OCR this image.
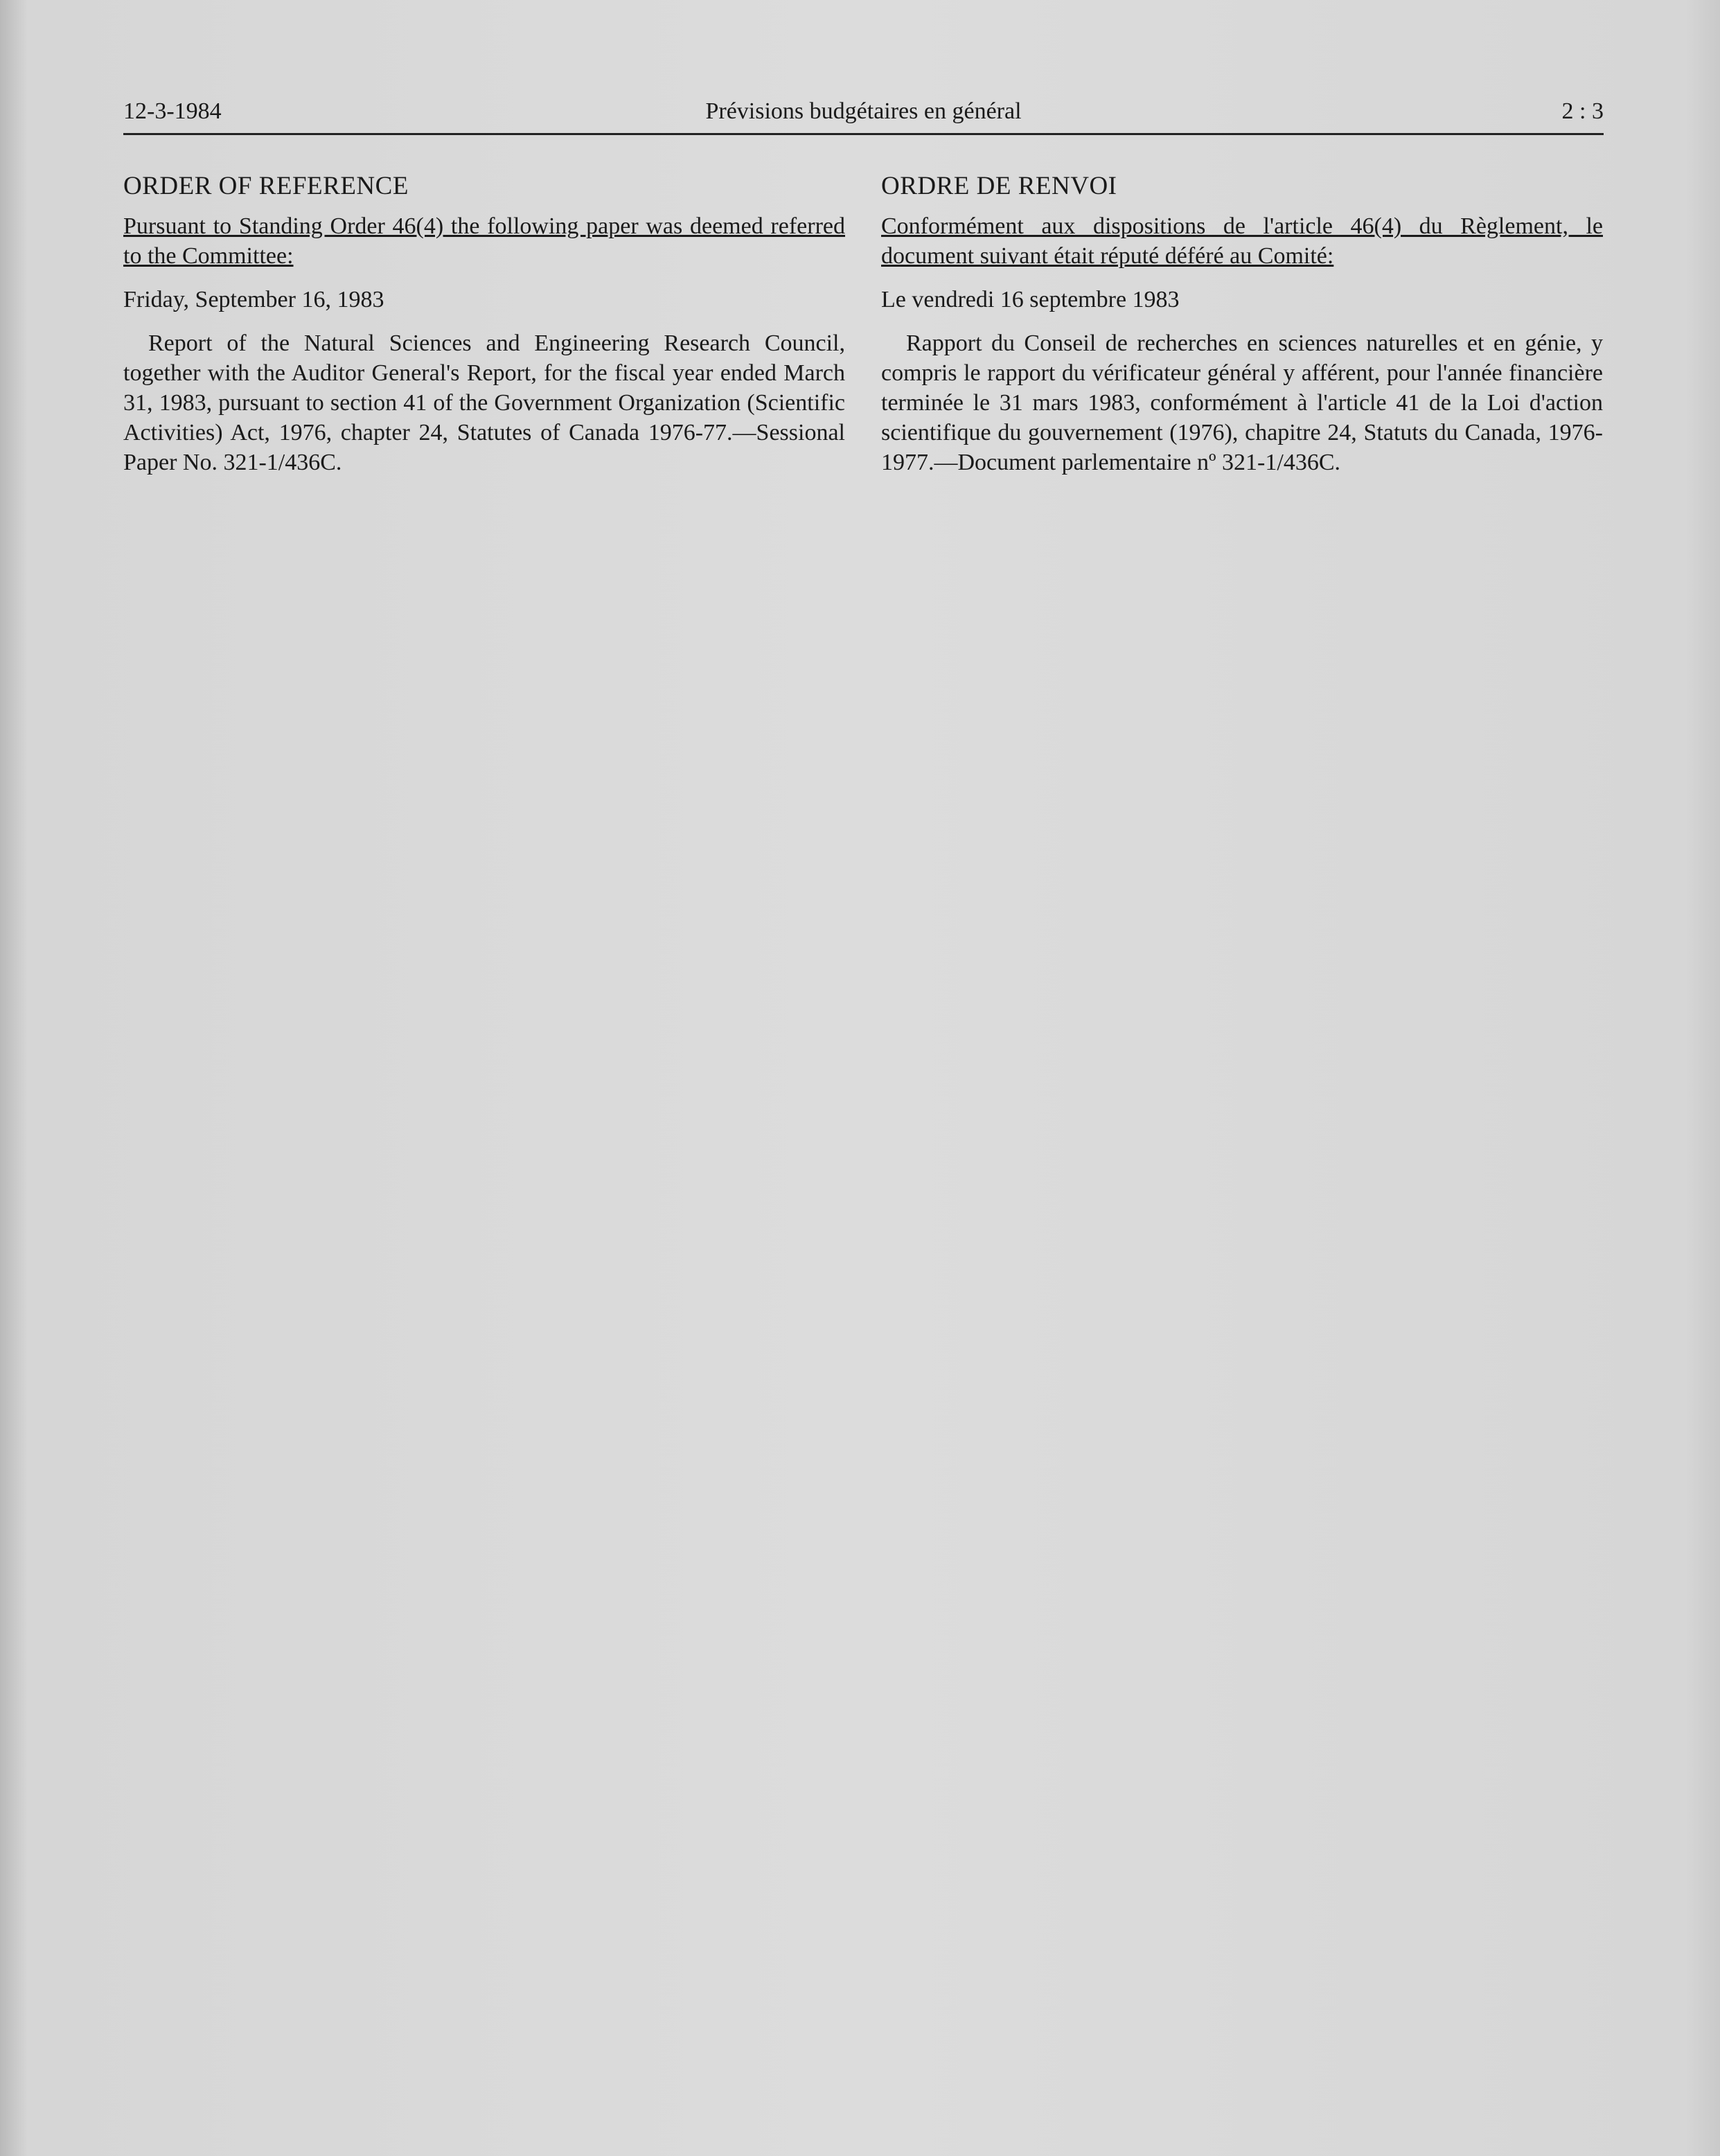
12-3-1984	Prévisions budgétaires en général	2 : 3
ORDER OF REFERENCE
Pursuant to Standing Order 46(4) the following paper was deemed referred to the Committee:
Friday, September 16, 1983

Report of the Natural Sciences and Engineering Research Council, together with the Auditor General's Report, for the fiscal year ended March 31, 1983, pursuant to section 41 of the Government Organization (Scientific Activities) Act, 1976, chapter 24, Statutes of Canada 1976-77.—Sessional Paper No. 321-1/436C.

ORDRE DE RENVOI
Conformément aux dispositions de l'article 46(4) du Règlement, le document suivant était réputé déféré au Comité:
Le vendredi 16 septembre 1983

Rapport du Conseil de recherches en sciences naturelles et en génie, y compris le rapport du vérificateur général y afférent, pour l'année financière terminée le 31 mars 1983, conformément à l'article 41 de la Loi d'action scientifique du gouvernement (1976), chapitre 24, Statuts du Canada, 1976-1977.—Document parlementaire nº 321-1/436C.
